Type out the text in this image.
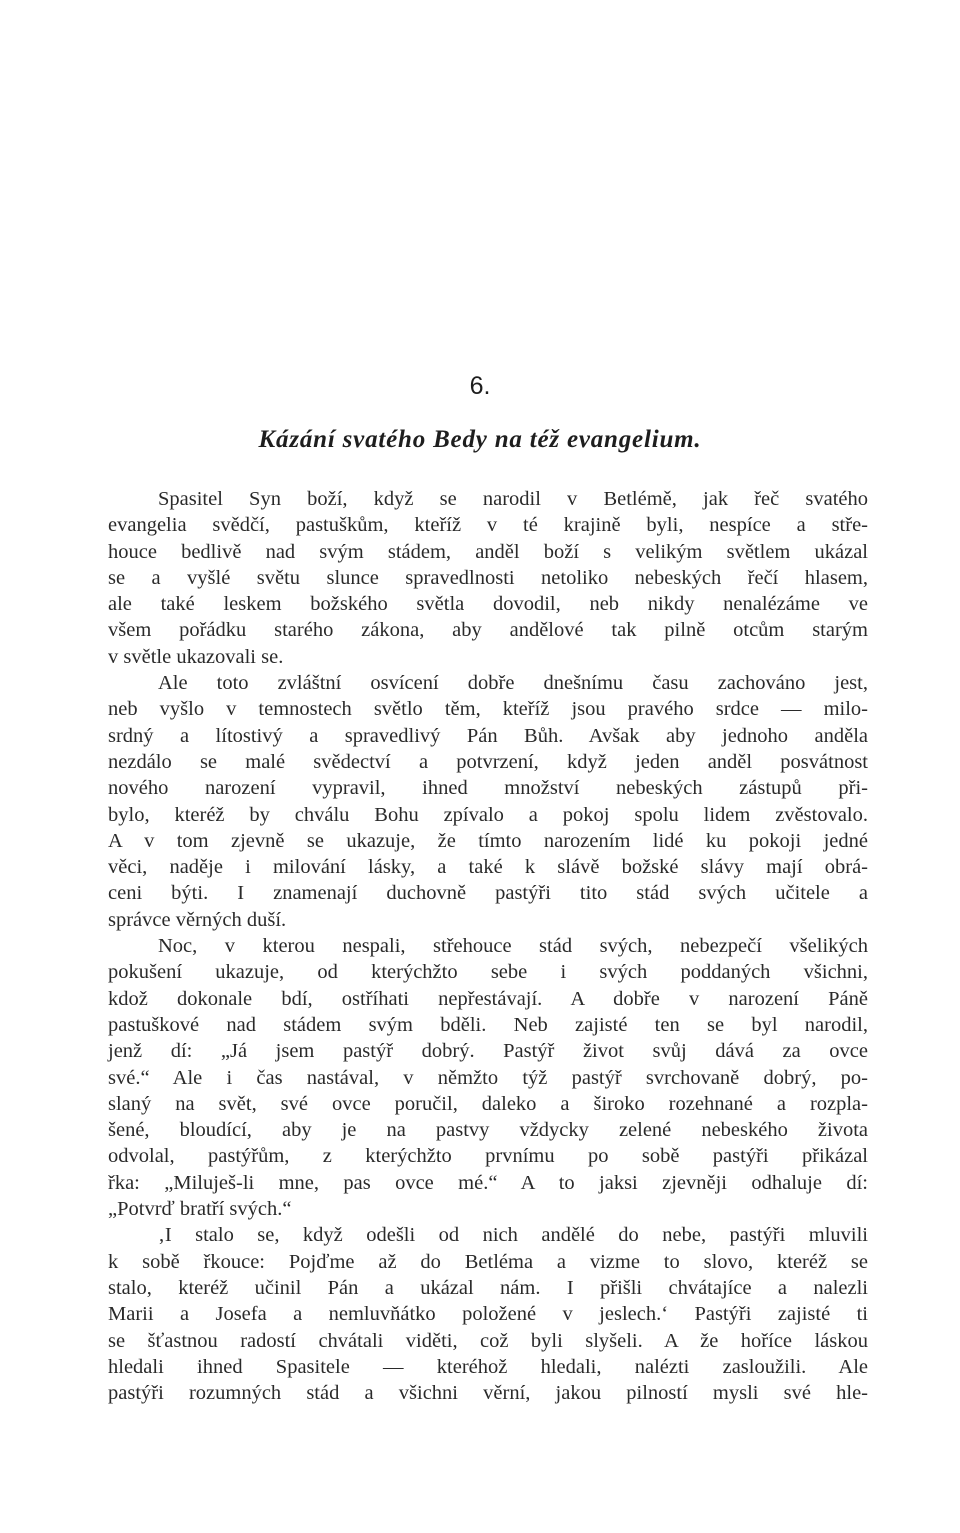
6.
Kázání svatého Bedy na též evangelium.
Spasitel Syn boží, když se narodil v Betlémě, jak řeč svatého
evangelia svědčí, pastuškům, kteříž v té krajině byli, nespíce a stře-
houce bedlivě nad svým stádem, anděl boží s velikým světlem ukázal
se a vyšlé světu slunce spravedlnosti netoliko nebeských řečí hlasem,
ale také leskem božského světla dovodil, neb nikdy nenalézáme ve
všem pořádku starého zákona, aby andělové tak pilně otcům starým
v světle ukazovali se.
Ale toto zvláštní osvícení dobře dnešnímu času zachováno jest,
neb vyšlo v temnostech světlo těm, kteříž jsou pravého srdce — milo-
srdný a lítostivý a spravedlivý Pán Bůh. Avšak aby jednoho anděla
nezdálo se malé svědectví a potvrzení, když jeden anděl posvátnost
nového narození vypravil, ihned množství nebeských zástupů při-
bylo, kteréž by chválu Bohu zpívalo a pokoj spolu lidem zvěstovalo.
A v tom zjevně se ukazuje, že tímto narozením lidé ku pokoji jedné
věci, naděje i milování lásky, a také k slávě božské slávy mají obrá-
ceni býti. I znamenají duchovně pastýři tito stád svých učitele a
správce věrných duší.
Noc, v kterou nespali, střehouce stád svých, nebezpečí všelikých
pokušení ukazuje, od kterýchžto sebe i svých poddaných všichni,
kdož dokonale bdí, ostříhati nepřestávají. A dobře v narození Páně
pastuškové nad stádem svým bděli. Neb zajisté ten se byl narodil,
jenž dí: „Já jsem pastýř dobrý. Pastýř život svůj dává za ovce
své.“ Ale i čas nastával, v němžto týž pastýř svrchovaně dobrý, po-
slaný na svět, své ovce poručil, daleko a široko rozehnané a rozpla-
šené, bloudící, aby je na pastvy vždycky zelené nebeského života
odvolal, pastýřům, z kterýchžto prvnímu po sobě pastýři přikázal
řka: „Miluješ-li mne, pas ovce mé.“ A to jaksi zjevněji odhaluje dí:
„Potvrď bratří svých.“
‚I stalo se, když odešli od nich andělé do nebe, pastýři mluvili
k sobě řkouce: Pojďme až do Betléma a vizme to slovo, kteréž se
stalo, kteréž učinil Pán a ukázal nám. I přišli chvátajíce a nalezli
Marii a Josefa a nemluvňátko položené v jeslech.‘ Pastýři zajisté ti
se šťastnou radostí chvátali viděti, což byli slyšeli. A že hoříce láskou
hledali ihned Spasitele — kteréhož hledali, nalézti zasloužili. Ale
pastýři rozumných stád a všichni věrní, jakou pilností mysli své hle-
